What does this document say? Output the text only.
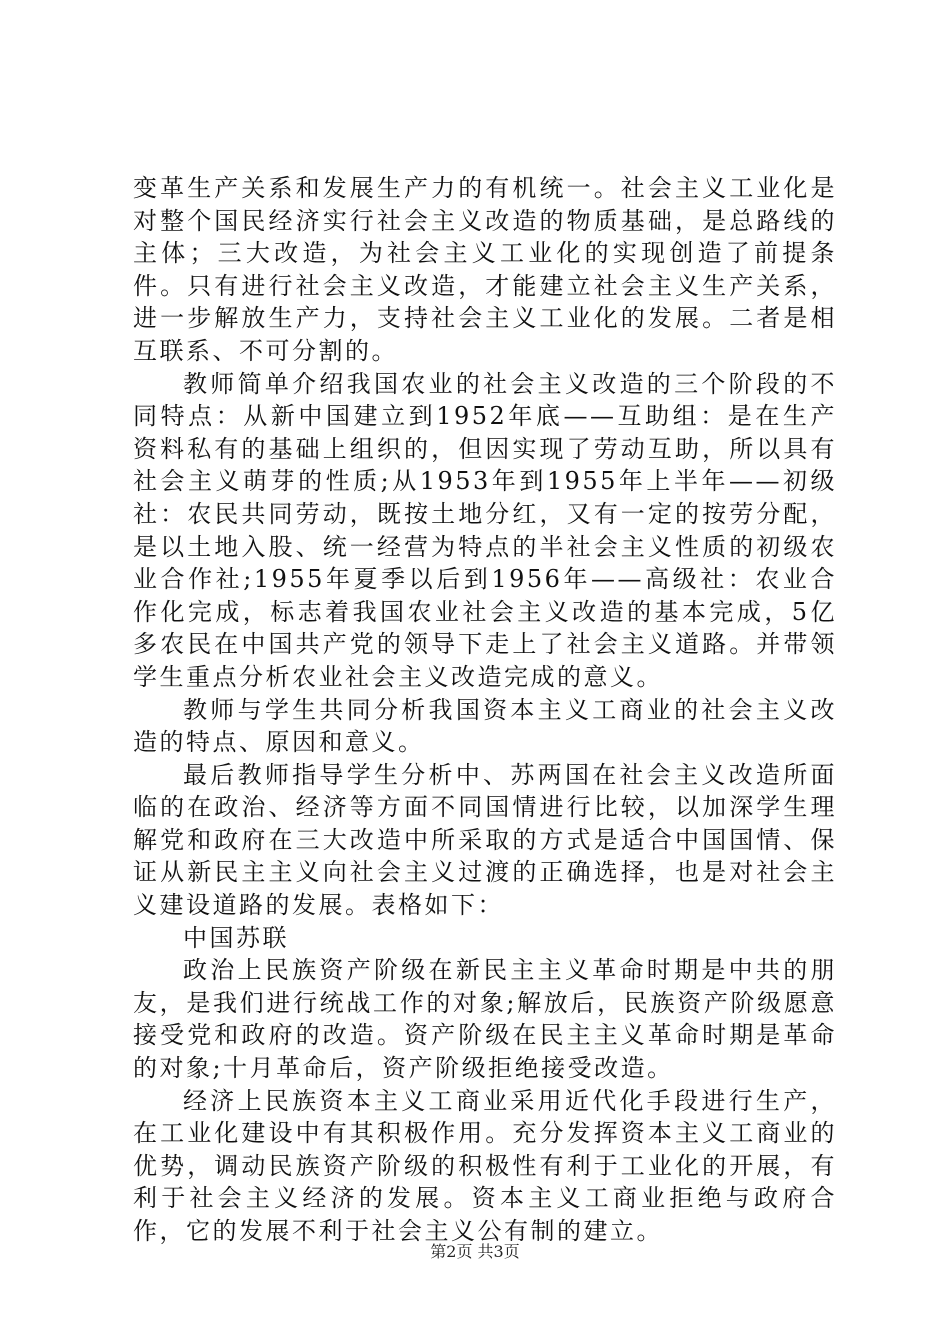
变革生产关系和发展生产力的有机统一。社会主义工业化是对整个国民经济实行社会主义改造的物质基础，是总路线的主体；三大改造，为社会主义工业化的实现创造了前提条件。只有进行社会主义改造，才能建立社会主义生产关系，进一步解放生产力，支持社会主义工业化的发展。二者是相互联系、不可分割的。

教师简单介绍我国农业的社会主义改造的三个阶段的不同特点：从新中国建立到1952年底——互助组：是在生产资料私有的基础上组织的，但因实现了劳动互助，所以具有社会主义萌芽的性质;从1953年到1955年上半年——初级社：农民共同劳动，既按土地分红，又有一定的按劳分配，是以土地入股、统一经营为特点的半社会主义性质的初级农业合作社;1955年夏季以后到1956年——高级社：农业合作化完成，标志着我国农业社会主义改造的基本完成，5亿多农民在中国共产党的领导下走上了社会主义道路。并带领学生重点分析农业社会主义改造完成的意义。

教师与学生共同分析我国资本主义工商业的社会主义改造的特点、原因和意义。

最后教师指导学生分析中、苏两国在社会主义改造所面临的在政治、经济等方面不同国情进行比较，以加深学生理解党和政府在三大改造中所采取的方式是适合中国国情、保证从新民主主义向社会主义过渡的正确选择，也是对社会主义建设道路的发展。表格如下：

中国苏联

政治上民族资产阶级在新民主主义革命时期是中共的朋友，是我们进行统战工作的对象;解放后，民族资产阶级愿意接受党和政府的改造。资产阶级在民主主义革命时期是革命的对象;十月革命后，资产阶级拒绝接受改造。

经济上民族资本主义工商业采用近代化手段进行生产，在工业化建设中有其积极作用。充分发挥资本主义工商业的优势，调动民族资产阶级的积极性有利于工业化的开展，有利于社会主义经济的发展。资本主义工商业拒绝与政府合作，它的发展不利于社会主义公有制的建立。

第2页 共3页
